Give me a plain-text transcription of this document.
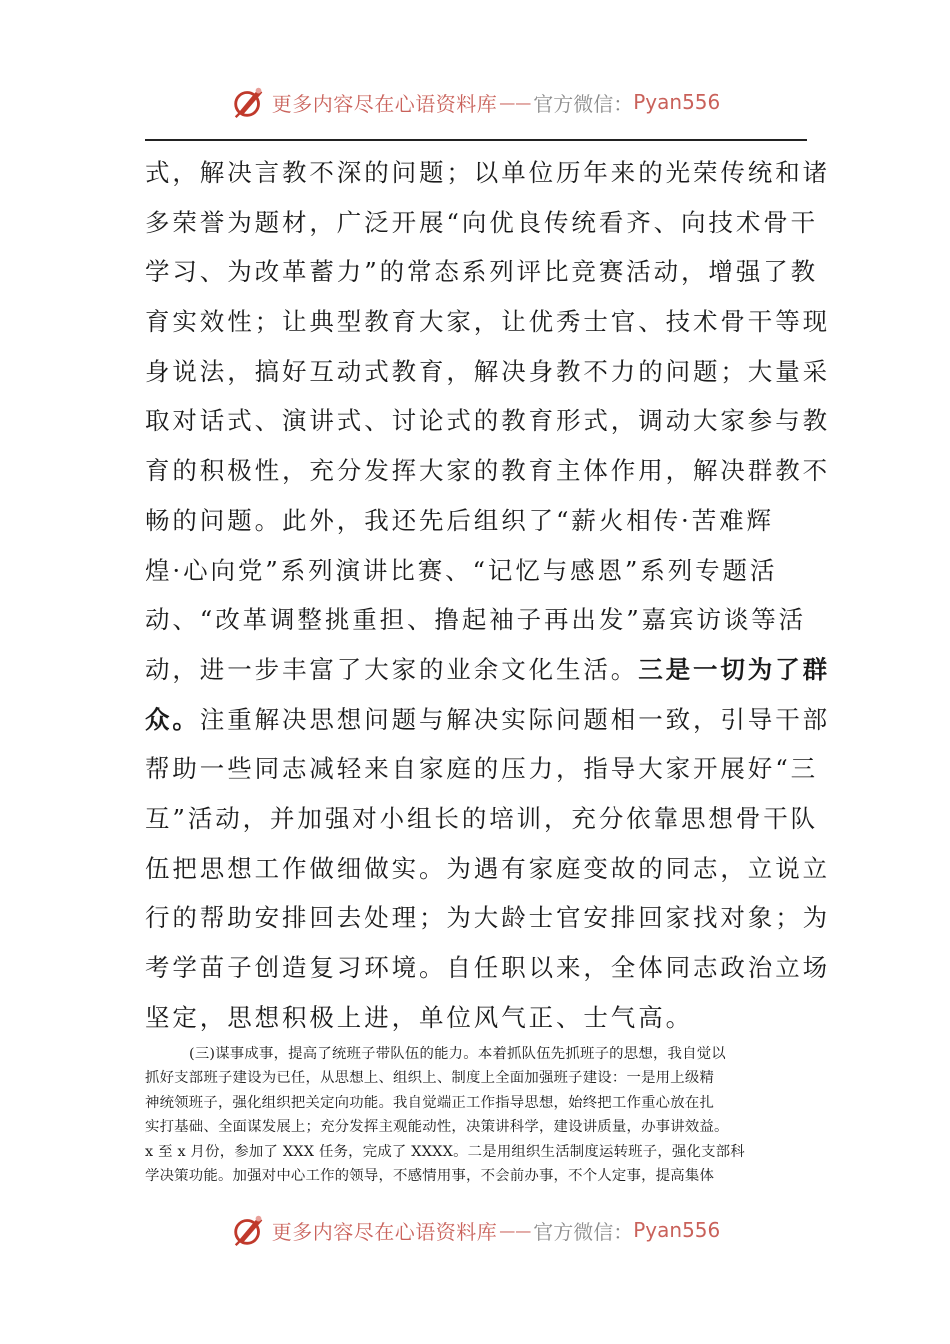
更多内容尽在心语资料库 —— 官方微信： Pyan556
式，解决言教不深的问题；以单位历年来的光荣传统和诸
多荣誉为题材，广泛开展“向优良传统看齐、向技术骨干
学习、为改革蓄力”的常态系列评比竞赛活动，增强了教
育实效性；让典型教育大家，让优秀士官、技术骨干等现
身说法，搞好互动式教育，解决身教不力的问题；大量采
取对话式、演讲式、讨论式的教育形式，调动大家参与教
育的积极性，充分发挥大家的教育主体作用，解决群教不
畅的问题。此外，我还先后组织了“薪火相传·苦难辉
煌·心向党”系列演讲比赛、“记忆与感恩”系列专题活
动、“改革调整挑重担、撸起袖子再出发”嘉宾访谈等活
动，进一步丰富了大家的业余文化生活。三是一切为了群
众。注重解决思想问题与解决实际问题相一致，引导干部
帮助一些同志减轻来自家庭的压力，指导大家开展好“三
互”活动，并加强对小组长的培训，充分依靠思想骨干队
伍把思想工作做细做实。为遇有家庭变故的同志，立说立
行的帮助安排回去处理；为大龄士官安排回家找对象；为
考学苗子创造复习环境。自任职以来，全体同志政治立场
坚定，思想积极上进，单位风气正、士气高。
(三)谋事成事，提高了统班子带队伍的能力。本着抓队伍先抓班子的思想，我自觉以
抓好支部班子建设为已任，从思想上、组织上、制度上全面加强班子建设：一是用上级精
神统领班子，强化组织把关定向功能。我自觉端正工作指导思想，始终把工作重心放在扎
实打基础、全面谋发展上；充分发挥主观能动性，决策讲科学，建设讲质量，办事讲效益。
x 至 x 月份，参加了 XXX 任务，完成了 XXXX。二是用组织生活制度运转班子，强化支部科
学决策功能。加强对中心工作的领导，不感情用事，不会前办事，不个人定事，提高集体
更多内容尽在心语资料库 —— 官方微信： Pyan556
